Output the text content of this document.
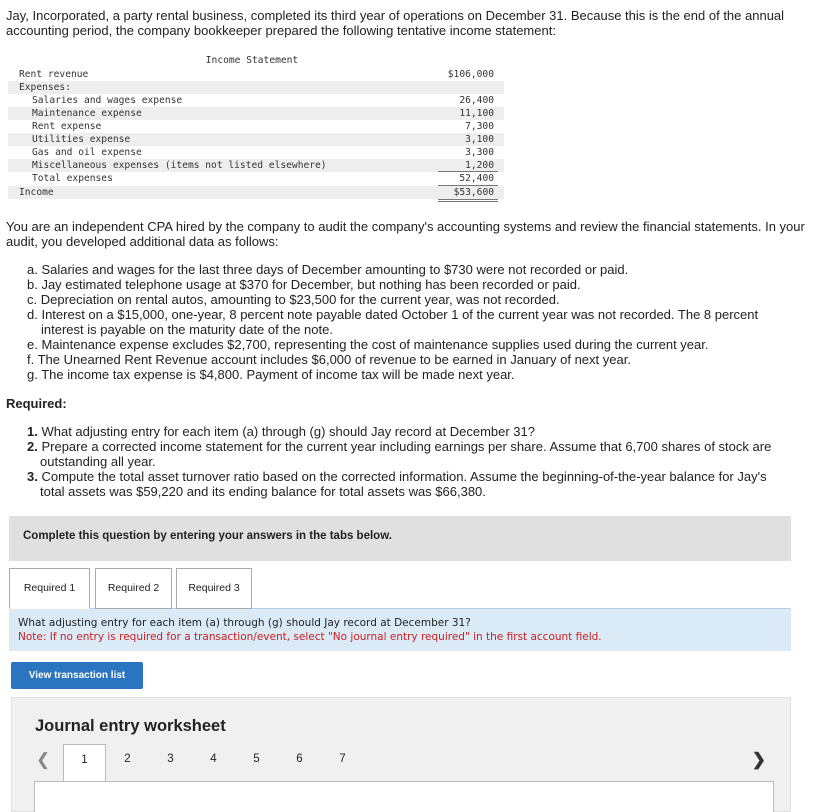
Jay, Incorporated, a party rental business, completed its third year of operations on December 31. Because this is the end of the annual accounting period, the company bookkeeper prepared the following tentative income statement:
Income Statement
Rent revenue	$106,000
Expenses:
Salaries and wages expense	26,400
Maintenance expense	11,100
Rent expense	7,300
Utilities expense	3,100
Gas and oil expense	3,300
Miscellaneous expenses (items not listed elsewhere)	1,200
Total expenses	52,400
Income	$53,600
You are an independent CPA hired by the company to audit the company's accounting systems and review the financial statements. In your audit, you developed additional data as follows:
a. Salaries and wages for the last three days of December amounting to $730 were not recorded or paid.
b. Jay estimated telephone usage at $370 for December, but nothing has been recorded or paid.
c. Depreciation on rental autos, amounting to $23,500 for the current year, was not recorded.
d. Interest on a $15,000, one-year, 8 percent note payable dated October 1 of the current year was not recorded. The 8 percent
interest is payable on the maturity date of the note.
e. Maintenance expense excludes $2,700, representing the cost of maintenance supplies used during the current year.
f. The Unearned Rent Revenue account includes $6,000 of revenue to be earned in January of next year.
g. The income tax expense is $4,800. Payment of income tax will be made next year.
Required:
1. What adjusting entry for each item (a) through (g) should Jay record at December 31?
2. Prepare a corrected income statement for the current year including earnings per share. Assume that 6,700 shares of stock are
outstanding all year.
3. Compute the total asset turnover ratio based on the corrected information. Assume the beginning-of-the-year balance for Jay's
total assets was $59,220 and its ending balance for total assets was $66,380.
Complete this question by entering your answers in the tabs below.
What adjusting entry for each item (a) through (g) should Jay record at December 31?
Note: If no entry is required for a transaction/event, select "No journal entry required" in the first account field.
Required 1	Required 2	Required 3
View transaction list
Journal entry worksheet
❮	1	2	3	4	5	6	7	❯
